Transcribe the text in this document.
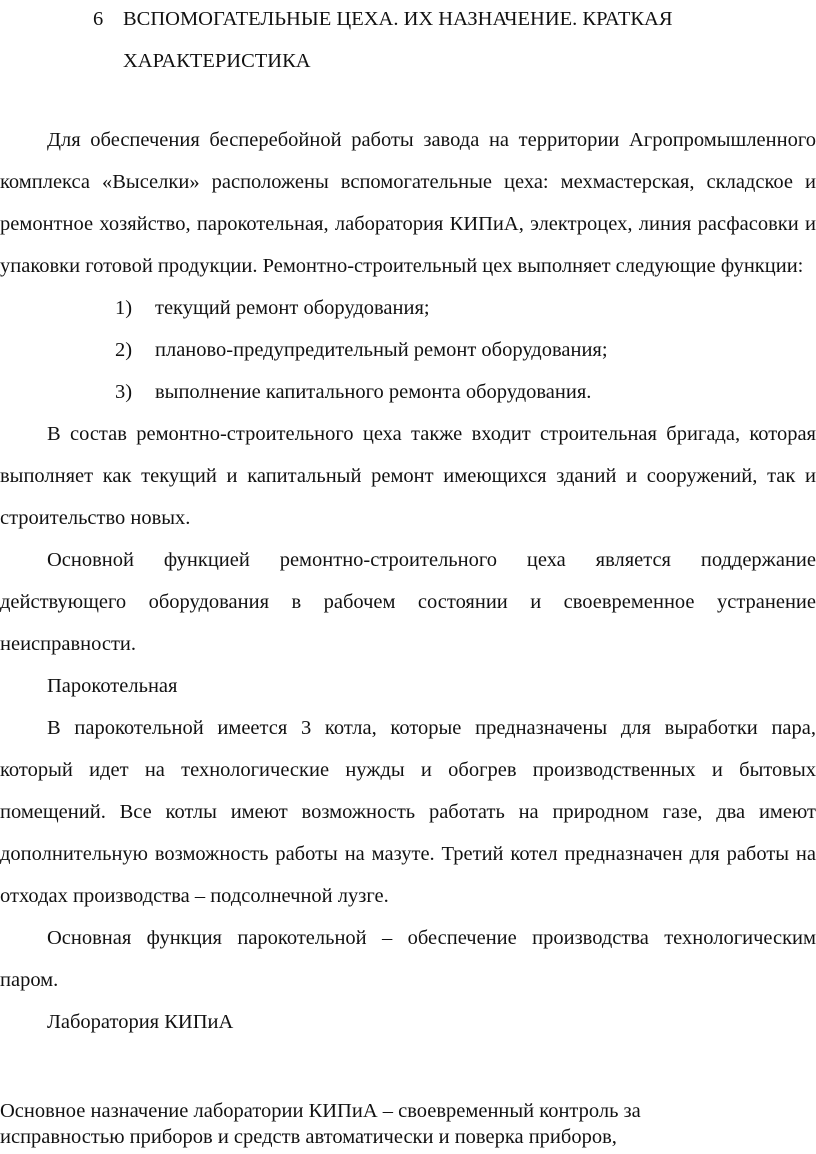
6 ВСПОМОГАТЕЛЬНЫЕ ЦЕХА. ИХ НАЗНАЧЕНИЕ. КРАТКАЯ
ХАРАКТЕРИСТИКА

Для обеспечения бесперебойной работы завода на территории Агропромышленного комплекса «Выселки» расположены вспомогательные цеха: мехмастерская, складское и ремонтное хозяйство, парокотельная, лаборатория КИПиА, электроцех, линия расфасовки и упаковки готовой продукции. Ремонтно-строительный цех выполняет следующие функции:

1) текущий ремонт оборудования;

2) планово-предупредительный ремонт оборудования;

3) выполнение капитального ремонта оборудования.

В состав ремонтно-строительного цеха также входит строительная бригада, которая выполняет как текущий и капитальный ремонт имеющихся зданий и сооружений, так и строительство новых.

Основной функцией ремонтно-строительного цеха является поддержание действующего оборудования в рабочем состоянии и своевременное устранение неисправности.

Парокотельная

В парокотельной имеется 3 котла, которые предназначены для выработки пара, который идет на технологические нужды и обогрев производственных и бытовых помещений. Все котлы имеют возможность работать на природном газе, два имеют дополнительную возможность работы на мазуте. Третий котел предназначен для работы на отходах производства – подсолнечной лузге.

Основная функция парокотельной – обеспечение производства технологическим паром.

Лаборатория КИПиА

Основное назначение лаборатории КИПиА – своевременный контроль за
исправностью приборов и средств автоматически и поверка приборов,
